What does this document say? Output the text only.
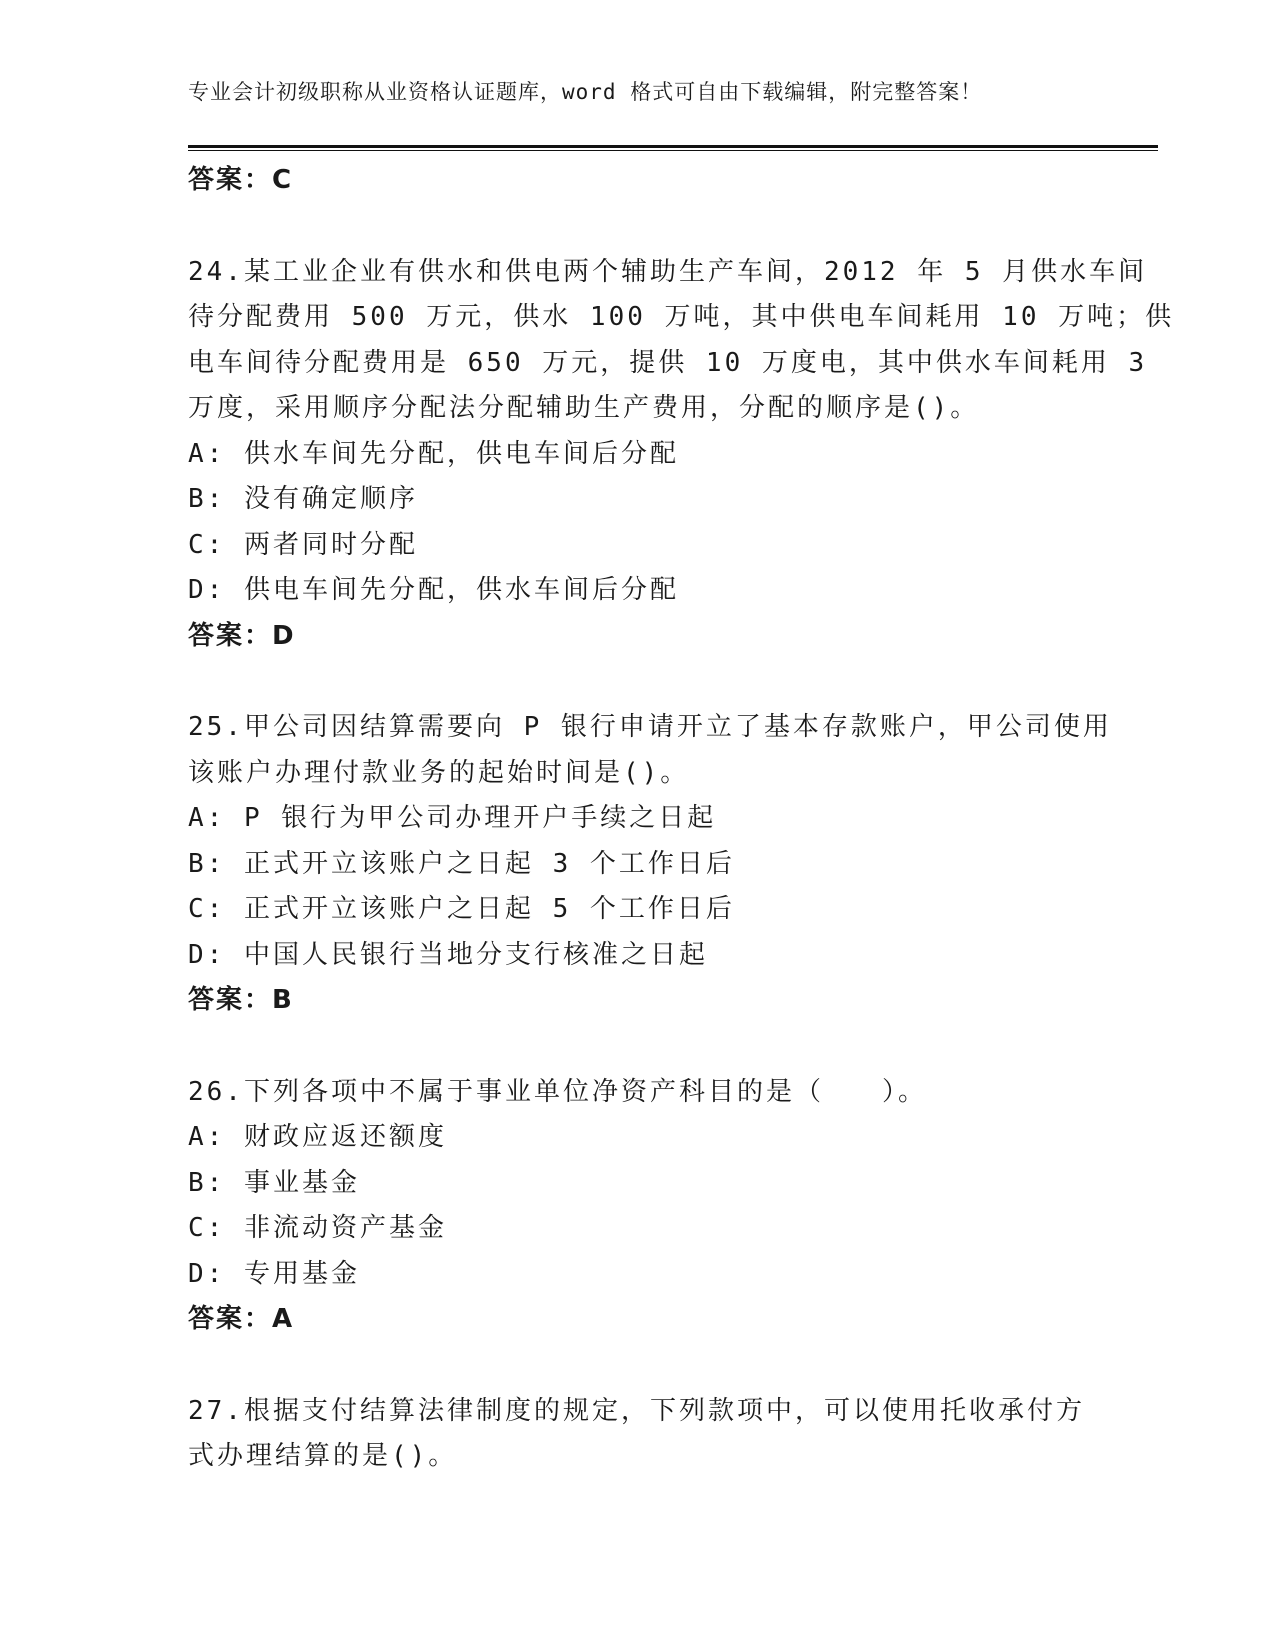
专业会计初级职称从业资格认证题库，word 格式可自由下载编辑，附完整答案！
答案：C
24.某工业企业有供水和供电两个辅助生产车间，2012 年 5 月供水车间
待分配费用 500 万元，供水 100 万吨，其中供电车间耗用 10 万吨；供
电车间待分配费用是 650 万元，提供 10 万度电，其中供水车间耗用 3
万度，采用顺序分配法分配辅助生产费用，分配的顺序是()。
A: 供水车间先分配，供电车间后分配
B: 没有确定顺序
C: 两者同时分配
D: 供电车间先分配，供水车间后分配
答案：D
25.甲公司因结算需要向 P 银行申请开立了基本存款账户，甲公司使用
该账户办理付款业务的起始时间是()。
A: P 银行为甲公司办理开户手续之日起
B: 正式开立该账户之日起 3 个工作日后
C: 正式开立该账户之日起 5 个工作日后
D: 中国人民银行当地分支行核准之日起
答案：B
26.下列各项中不属于事业单位净资产科目的是（　　）。
A: 财政应返还额度
B: 事业基金
C: 非流动资产基金
D: 专用基金
答案：A
27.根据支付结算法律制度的规定，下列款项中，可以使用托收承付方
式办理结算的是()。
